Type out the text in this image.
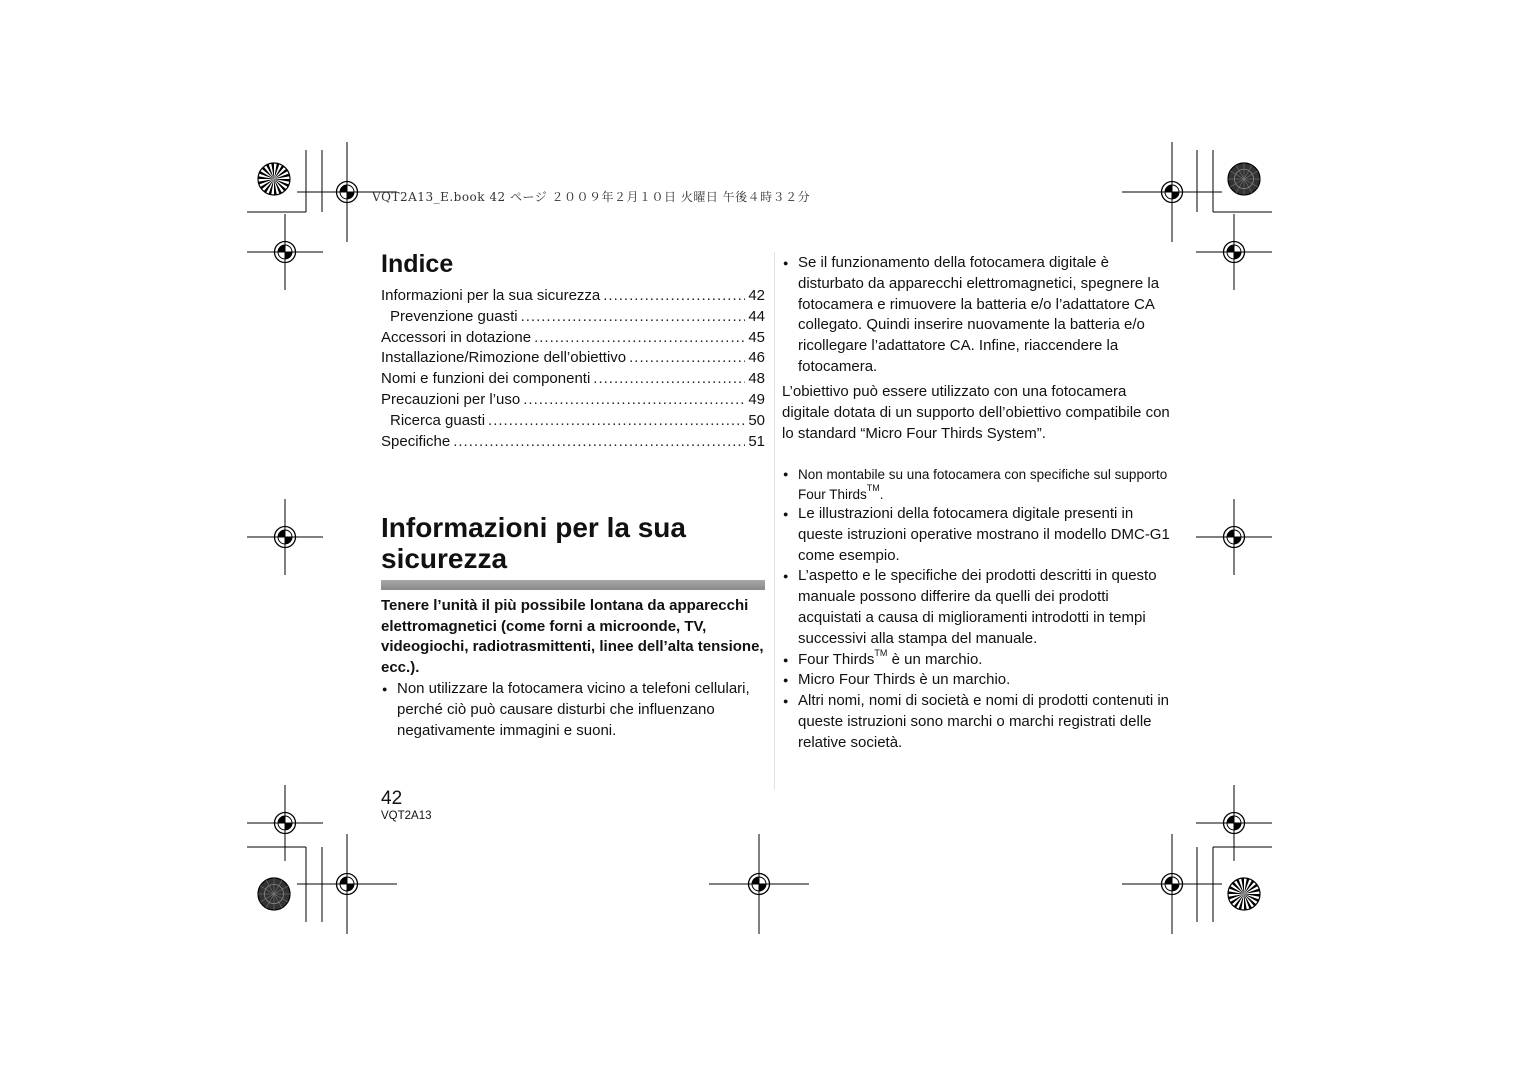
VQT2A13_E.book 42 ページ ２００９年２月１０日 火曜日 午後４時３２分
Indice
Informazioni per la sua sicurezza .....	42
Prevenzione guasti .....	44
Accessori in dotazione .....	45
Installazione/Rimozione dell’obiettivo .....	46
Nomi e funzioni dei componenti .....	48
Precauzioni per l’uso .....	49
Ricerca guasti .....	50
Specifiche .....	51
Informazioni per la sua sicurezza

Tenere l’unità il più possibile lontana da apparecchi elettromagnetici (come forni a microonde, TV, videogiochi, radiotrasmittenti, linee dell’alta tensione, ecc.).

● Non utilizzare la fotocamera vicino a telefoni cellulari, perché ciò può causare disturbi che influenzano negativamente immagini e suoni.
● Se il funzionamento della fotocamera digitale è disturbato da apparecchi elettromagnetici, spegnere la fotocamera e rimuovere la batteria e/o l’adattatore CA collegato. Quindi inserire nuovamente la batteria e/o ricollegare l’adattatore CA. Infine, riaccendere la fotocamera.

L’obiettivo può essere utilizzato con una fotocamera digitale dotata di un supporto dell’obiettivo compatibile con lo standard “Micro Four Thirds System”.

● Non montabile su una fotocamera con specifiche sul supporto Four Thirds™.
● Le illustrazioni della fotocamera digitale presenti in queste istruzioni operative mostrano il modello DMC-G1 come esempio.
● L’aspetto e le specifiche dei prodotti descritti in questo manuale possono differire da quelli dei prodotti acquistati a causa di miglioramenti introdotti in tempi successivi alla stampa del manuale.
● Four Thirds™ è un marchio.
● Micro Four Thirds è un marchio.
● Altri nomi, nomi di società e nomi di prodotti contenuti in queste istruzioni sono marchi o marchi registrati delle relative società.

42

VQT2A13
